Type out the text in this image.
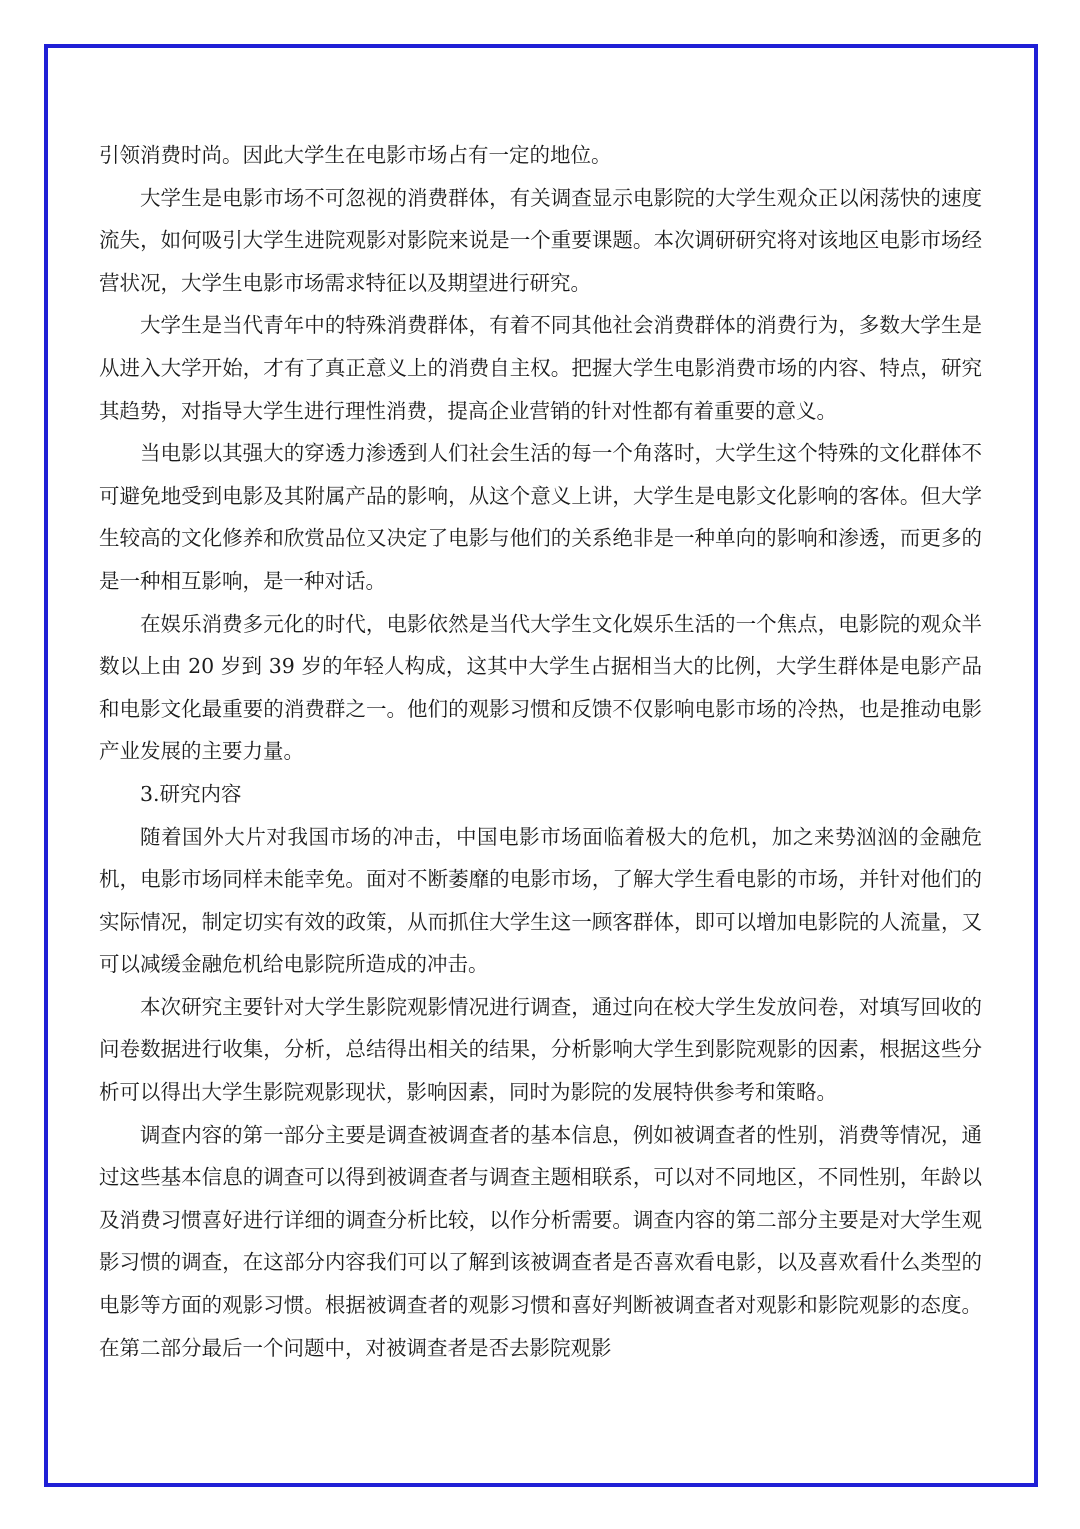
引领消费时尚。因此大学生在电影市场占有一定的地位。

大学生是电影市场不可忽视的消费群体，有关调查显示电影院的大学生观众正以闲荡快的速度流失，如何吸引大学生进院观影对影院来说是一个重要课题。本次调研研究将对该地区电影市场经营状况，大学生电影市场需求特征以及期望进行研究。

大学生是当代青年中的特殊消费群体，有着不同其他社会消费群体的消费行为，多数大学生是从进入大学开始，才有了真正意义上的消费自主权。把握大学生电影消费市场的内容、特点，研究其趋势，对指导大学生进行理性消费，提高企业营销的针对性都有着重要的意义。

当电影以其强大的穿透力渗透到人们社会生活的每一个角落时，大学生这个特殊的文化群体不可避免地受到电影及其附属产品的影响，从这个意义上讲，大学生是电影文化影响的客体。但大学生较高的文化修养和欣赏品位又决定了电影与他们的关系绝非是一种单向的影响和渗透，而更多的是一种相互影响，是一种对话。

在娱乐消费多元化的时代，电影依然是当代大学生文化娱乐生活的一个焦点，电影院的观众半数以上由 20 岁到 39 岁的年轻人构成，这其中大学生占据相当大的比例，大学生群体是电影产品和电影文化最重要的消费群之一。他们的观影习惯和反馈不仅影响电影市场的冷热，也是推动电影产业发展的主要力量。

3.研究内容

随着国外大片对我国市场的冲击，中国电影市场面临着极大的危机，加之来势汹汹的金融危机，电影市场同样未能幸免。面对不断萎靡的电影市场，了解大学生看电影的市场，并针对他们的实际情况，制定切实有效的政策，从而抓住大学生这一顾客群体，即可以增加电影院的人流量，又可以减缓金融危机给电影院所造成的冲击。

本次研究主要针对大学生影院观影情况进行调查，通过向在校大学生发放问卷，对填写回收的问卷数据进行收集，分析，总结得出相关的结果，分析影响大学生到影院观影的因素，根据这些分析可以得出大学生影院观影现状，影响因素，同时为影院的发展特供参考和策略。

调查内容的第一部分主要是调查被调查者的基本信息，例如被调查者的性别，消费等情况，通过这些基本信息的调查可以得到被调查者与调查主题相联系，可以对不同地区，不同性别，年龄以及消费习惯喜好进行详细的调查分析比较，以作分析需要。调查内容的第二部分主要是对大学生观影习惯的调查，在这部分内容我们可以了解到该被调查者是否喜欢看电影，以及喜欢看什么类型的电影等方面的观影习惯。根据被调查者的观影习惯和喜好判断被调查者对观影和影院观影的态度。在第二部分最后一个问题中，对被调查者是否去影院观影
